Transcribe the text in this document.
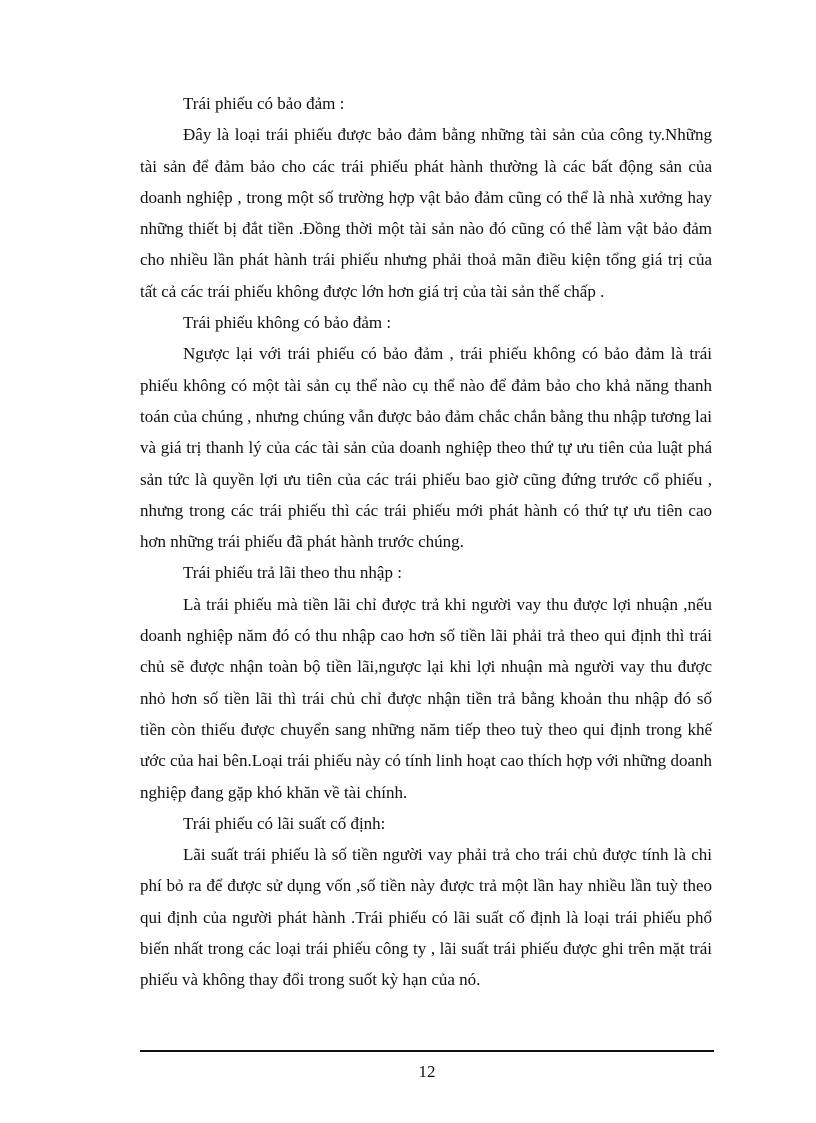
Trái phiếu có bảo đảm :

Đây là loại trái phiếu được bảo đảm bằng những tài sản của công ty.Những tài sản để đảm bảo cho các trái phiếu phát hành thường là các bất động sản của doanh nghiệp , trong một số trường hợp vật bảo đảm cũng có thể là nhà xưởng hay những thiết bị đắt tiền .Đồng thời một tài sản nào đó cũng có thể làm vật bảo đảm cho nhiều lần phát hành trái phiếu nhưng phải thoả mãn điều kiện tổng giá trị của tất cả các trái phiếu không được lớn hơn giá trị của tài sản thế chấp .

Trái phiếu không có bảo đảm :

Ngược lại với trái phiếu có bảo đảm , trái phiếu không có bảo đảm là trái phiếu không có một tài sản cụ thể nào cụ thể nào để đảm bảo cho khả năng thanh toán của chúng , nhưng chúng vẫn được bảo đảm chắc chắn bằng thu nhập tương lai và giá trị thanh lý của các tài sản của doanh nghiệp theo thứ tự ưu tiên của luật phá sản tức là quyền lợi ưu tiên của các trái phiếu bao giờ cũng đứng trước cổ phiếu , nhưng trong các trái phiếu thì các trái phiếu mới phát hành có thứ tự ưu tiên cao hơn những trái phiếu đã phát hành trước chúng.

Trái phiếu trả lãi theo thu nhập :

Là trái phiếu mà tiền lãi chỉ được trả khi người vay thu được lợi nhuận ,nếu doanh nghiệp năm đó có thu nhập cao hơn số tiền lãi phải trả theo qui định thì trái chủ sẽ được nhận toàn bộ tiền lãi,ngược lại khi lợi nhuận mà người vay thu được nhỏ hơn số tiền lãi thì trái chủ chỉ được nhận tiền trả bằng khoản thu nhập đó số tiền còn thiếu được chuyển sang những năm tiếp theo tuỳ theo qui định trong khế ước của hai bên.Loại trái phiếu này có tính linh hoạt cao thích hợp với những doanh nghiệp đang gặp khó khăn về tài chính.

Trái phiếu có lãi suất cố định:

Lãi suất trái phiếu là số tiền người vay phải trả cho trái chủ được tính là chi phí bỏ ra để được sử dụng vốn ,số tiền này được trả một lần hay nhiều lần tuỳ theo qui định của người phát hành .Trái phiếu có lãi suất cố định là loại trái phiếu phổ biến nhất trong các loại trái phiếu công ty , lãi suất trái phiếu được ghi trên mặt trái phiếu và không thay đổi trong suốt kỳ hạn của nó.

12
